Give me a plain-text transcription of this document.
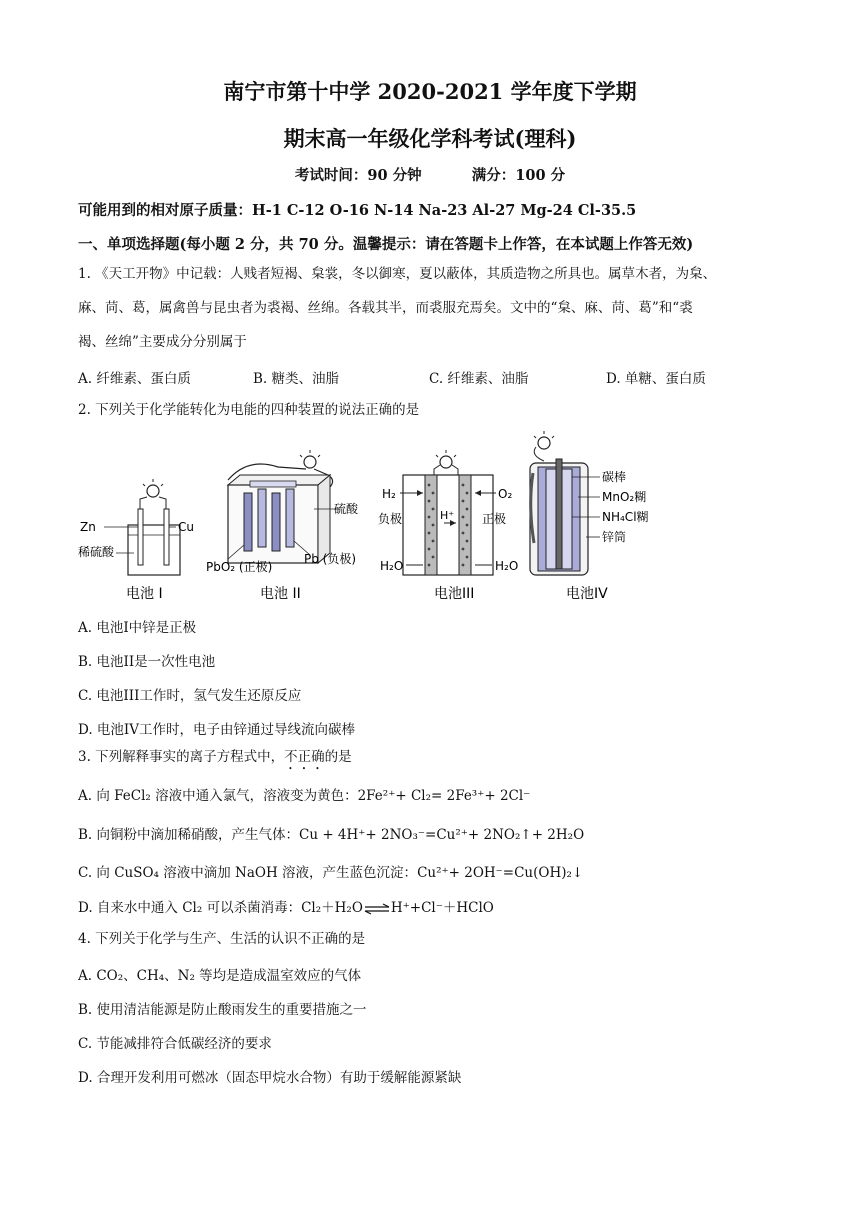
南宁市第十中学 2020-2021 学年度下学期
期末高一年级化学科考试(理科)
考试时间：90 分钟	满分：100 分
可能用到的相对原子质量：H-1 C-12 O-16 N-14 Na-23 Al-27 Mg-24 Cl-35.5
一、单项选择题(每小题 2 分，共 70 分。温馨提示：请在答题卡上作答，在本试题上作答无效)
1. 《天工开物》中记载：人贱者短褐、枲裳，冬以御寒，夏以蔽体，其质造物之所具也。属草木者，为枲、
麻、苘、葛，属禽兽与昆虫者为裘褐、丝绵。各载其半，而裘服充焉矣。文中的“枲、麻、苘、葛”和“裘
褐、丝绵”主要成分分别属于
A. 纤维素、蛋白质	B. 糖类、油脂	C. 纤维素、油脂	D. 单糖、蛋白质
2. 下列关于化学能转化为电能的四种装置的说法正确的是
Zn	Cu
稀硫酸
电池 I
硫酸
PbO₂ (正极)
Pb (负极)
电池 II
H₂	O₂
负极	H⁺ 正极
H₂O	H₂O
电池III
碳棒
MnO₂糊
NH₄Cl糊
锌筒
电池IV
A. 电池I中锌是正极
B. 电池II是一次性电池
C. 电池III工作时，氢气发生还原反应
D. 电池IV工作时，电子由锌通过导线流向碳棒
3. 下列解释事实的离子方程式中，不正确的是
A. 向 FeCl₂ 溶液中通入氯气，溶液变为黄色：2Fe²⁺+ Cl₂= 2Fe³⁺+ 2Cl⁻
B. 向铜粉中滴加稀硝酸，产生气体：Cu + 4H⁺+ 2NO₃⁻=Cu²⁺+ 2NO₂↑+ 2H₂O
C. 向 CuSO₄ 溶液中滴加 NaOH 溶液，产生蓝色沉淀：Cu²⁺+ 2OH⁻=Cu(OH)₂↓
D. 自来水中通入 Cl₂ 可以杀菌消毒：Cl₂＋H₂O⇌H⁺+Cl⁻＋HClO
4. 下列关于化学与生产、生活的认识不正确的是
A. CO₂、CH₄、N₂ 等均是造成温室效应的气体
B. 使用清洁能源是防止酸雨发生的重要措施之一
C. 节能减排符合低碳经济的要求
D. 合理开发利用可燃冰（固态甲烷水合物）有助于缓解能源紧缺
